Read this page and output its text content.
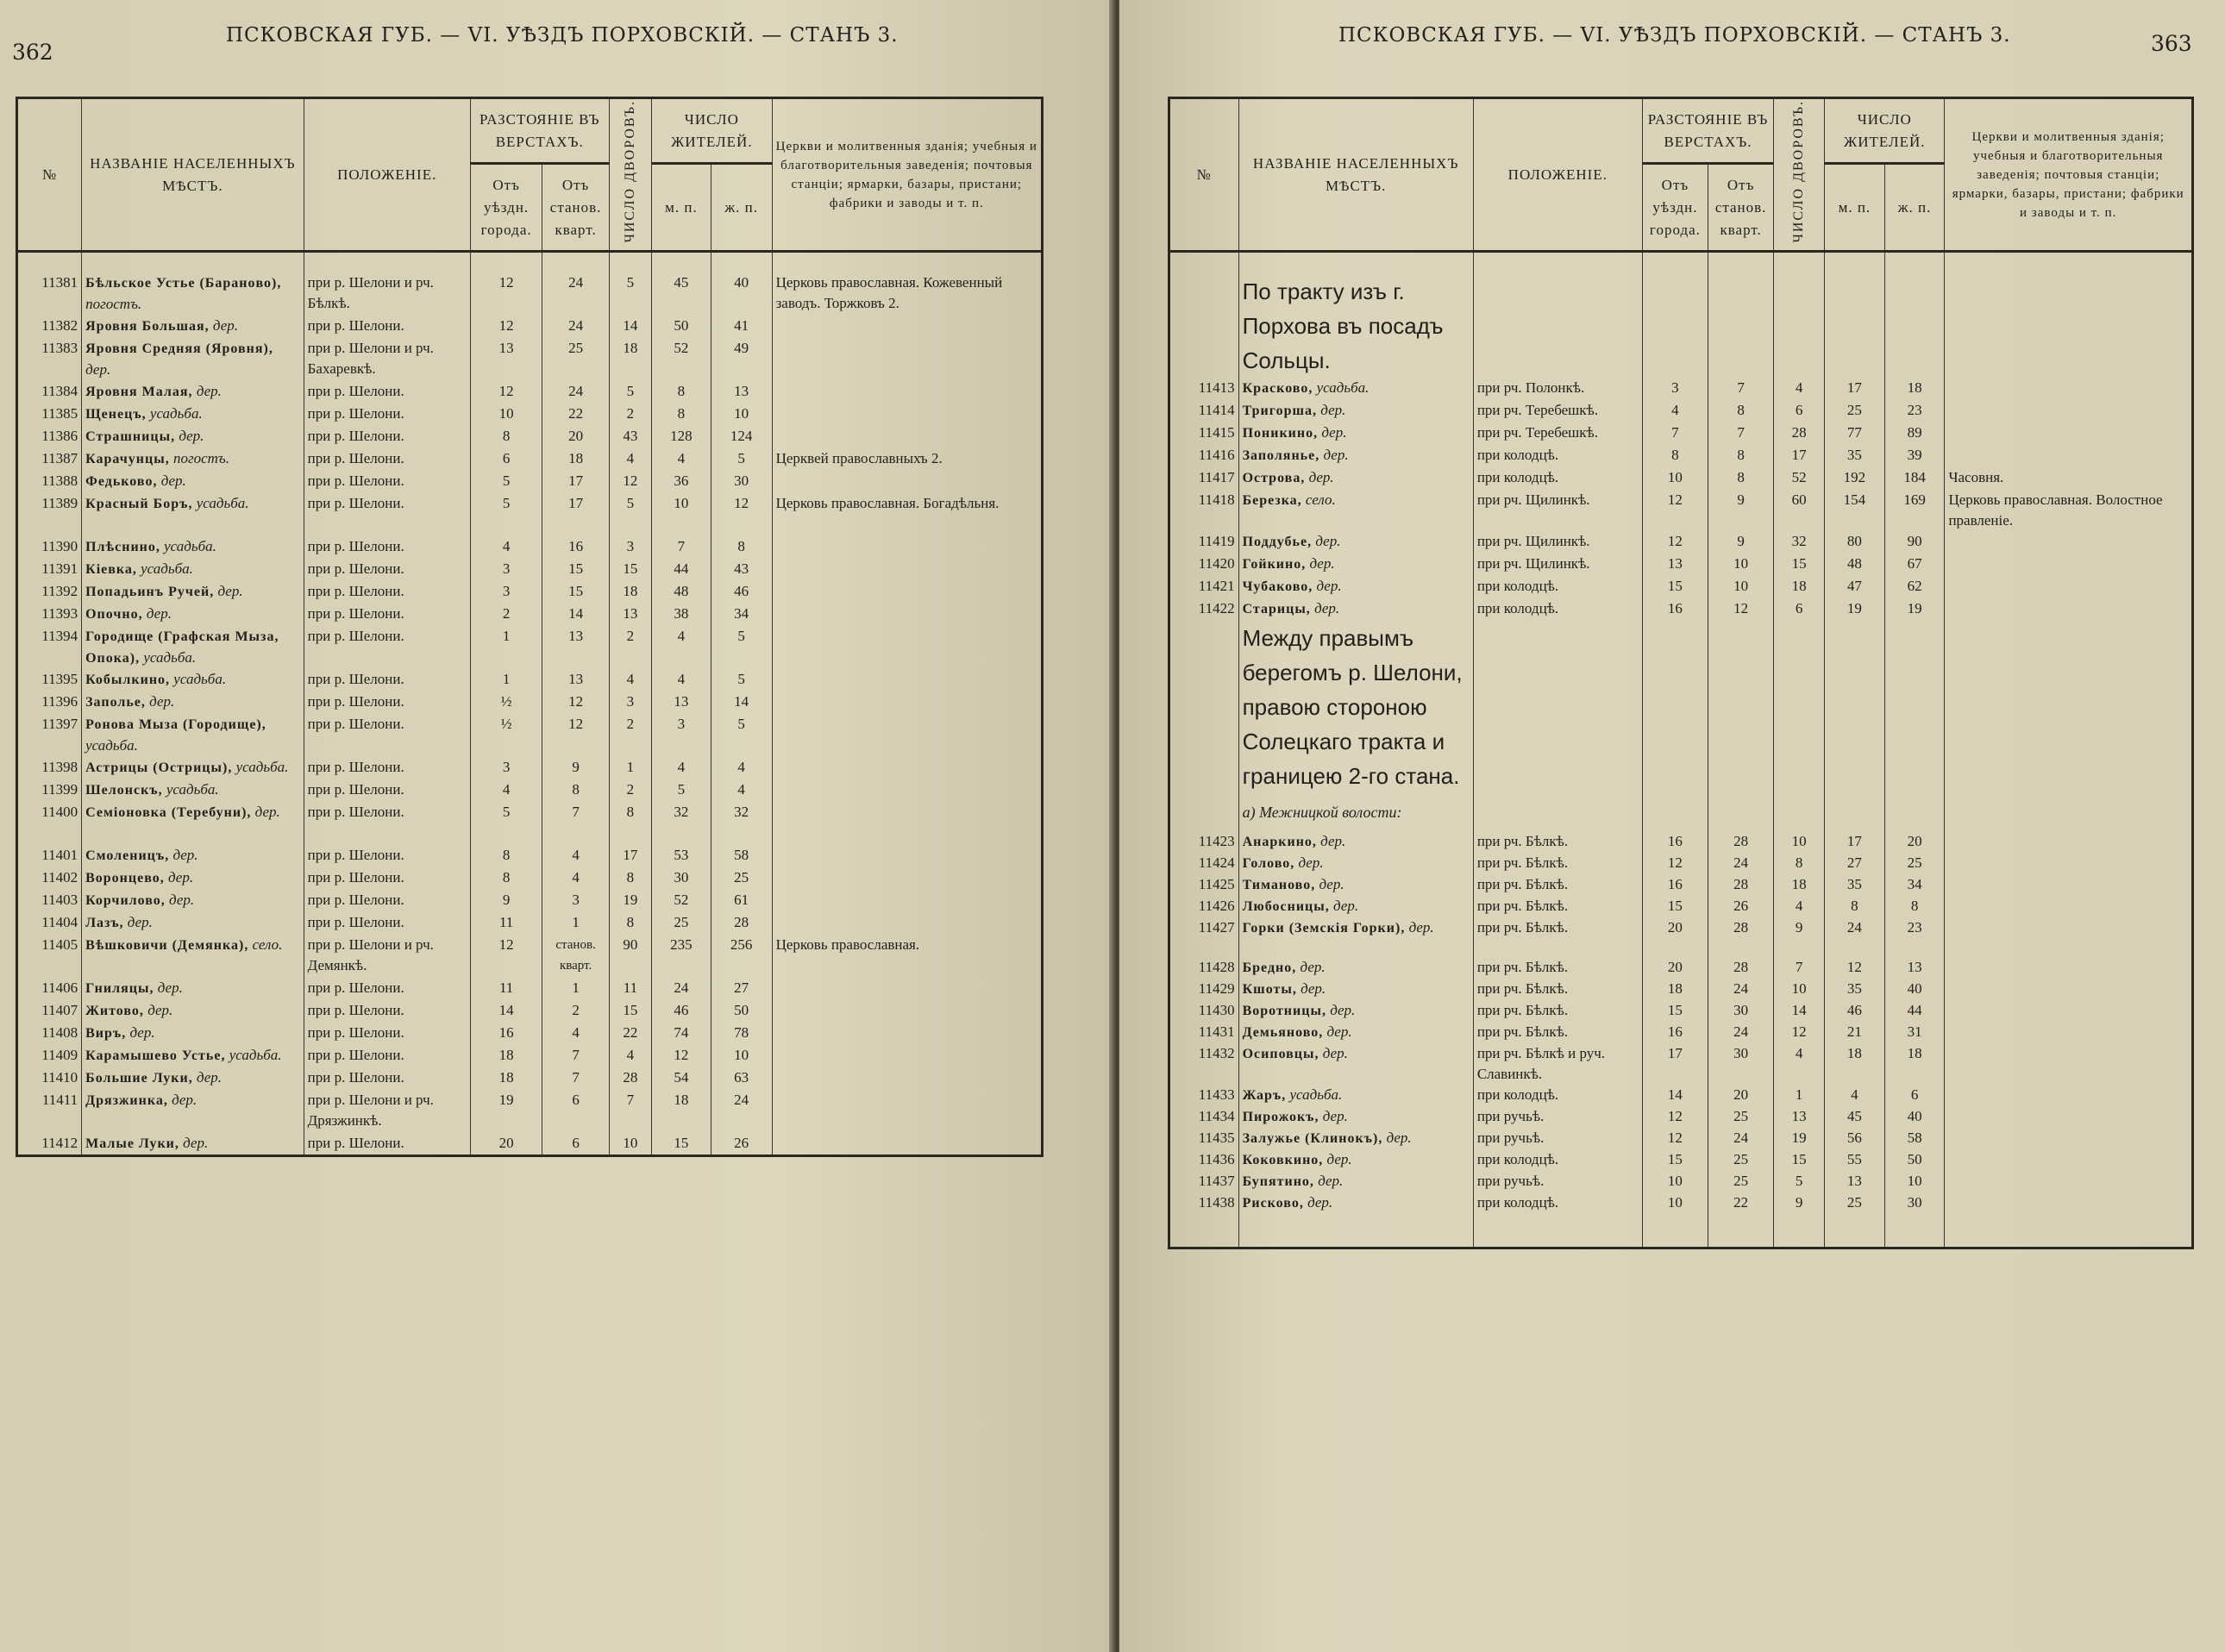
362
ПСКОВСКАЯ ГУБ. — VI. УѢЗДЪ ПОРХОВСКІЙ. — СТАНЪ 3.
№	НАЗВАНІЕ НАСЕЛЕННЫХЪ МѢСТЪ.	ПОЛОЖЕНІЕ.	РАЗСТОЯНІЕ ВЪ ВЕРСТАХЪ.		ЧИСЛО ДВОРОВЪ.	ЧИСЛО ЖИТЕЛЕЙ.		Церкви и молитвенныя зданія; учебныя и благотворительныя заведенія; почтовыя станціи; ярмарки, базары, пристани; фабрики и заводы и т. п.
			Отъ уѣздн. города.	Отъ станов. кварт.		м. п.	ж. п.	

11381	Бѣльское Устье (Баранoво), погостъ.	при р. Шелони и рч. Бѣлкѣ.	12	24	5	45	40	Церковь православная. Кожевенный заводъ. Торжковъ 2.
11382	Яровня Большая, дер.	при р. Шелони.	12	24	14	50	41	
11383	Яровня Средняя (Яровня), дер.	при р. Шелони и рч. Бахаревкѣ.	13	25	18	52	49	
11384	Яровня Малая, дер.	при р. Шелони.	12	24	5	8	13	
11385	Щенецъ, усадьба.	при р. Шелони.	10	22	2	8	10	
11386	Страшницы, дер.	при р. Шелони.	8	20	43	128	124	
11387	Карачунцы, погостъ.	при р. Шелони.	6	18	4	4	5	Церквей православныхъ 2.
11388	Федьково, дер.	при р. Шелони.	5	17	12	36	30	
11389	Красный Боръ, усадьба.	при р. Шелони.	5	17	5	10	12	Церковь православная. Богадѣльня.
11390	Плѣснино, усадьба.	при р. Шелони.	4	16	3	7	8	
11391	Кiевка, усадьба.	при р. Шелони.	3	15	15	44	43	
11392	Попадьинъ Ручей, дер.	при р. Шелони.	3	15	18	48	46	
11393	Опочно, дер.	при р. Шелони.	2	14	13	38	34	
11394	Городище (Графская Мыза, Опока), усадьба.	при р. Шелони.	1	13	2	4	5	
11395	Кобылкино, усадьба.	при р. Шелони.	1	13	4	4	5	
11396	Заполье, дер.	при р. Шелони.	½	12	3	13	14	
11397	Ронова Мыза (Городище), усадьба.	при р. Шелони.	½	12	2	3	5	
11398	Астрицы (Острицы), усадьба.	при р. Шелони.	3	9	1	4	4	
11399	Шелонскъ, усадьба.	при р. Шелони.	4	8	2	5	4	
11400	Семiоновка (Теребуни), дер.	при р. Шелони.	5	7	8	32	32	
11401	Смоленицъ, дер.	при р. Шелони.	8	4	17	53	58	
11402	Воронцево, дер.	при р. Шелони.	8	4	8	30	25	
11403	Корчилово, дер.	при р. Шелони.	9	3	19	52	61	
11404	Лазъ, дер.	при р. Шелони.	11	1	8	25	28	
11405	Вѣшковичи (Демянка), село.	при р. Шелони и рч. Демянкѣ.	12	станов. кварт.	90	235	256	Церковь православная.
11406	Гниляцы, дер.	при р. Шелони.	11	1	11	24	27	
11407	Житово, дер.	при р. Шелони.	14	2	15	46	50	
11408	Виръ, дер.	при р. Шелони.	16	4	22	74	78	
11409	Карамышево Устье, усадьба.	при р. Шелони.	18	7	4	12	10	
11410	Большие Луки, дер.	при р. Шелони.	18	7	28	54	63	
11411	Дрязжинка, дер.	при р. Шелони и рч. Дрязжинкѣ.	19	6	7	18	24	
11412	Малые Луки, дер.	при р. Шелони.	20	6	10	15	26	
ПСКОВСКАЯ ГУБ. — VI. УѢЗДЪ ПОРХОВСКІЙ. — СТАНЪ 3.	363
№	НАЗВАНІЕ НАСЕЛЕННЫХЪ МѢСТЪ.	ПОЛОЖЕНІЕ.	РАЗСТОЯНІЕ ВЪ ВЕРСТАХЪ.		ЧИСЛО ДВОРОВЪ.	ЧИСЛО ЖИТЕЛЕЙ.		Церкви и молитвенныя зданія; учебныя и благотворительныя заведенія; почтовыя станціи; ярмарки, базары, пристани; фабрики и заводы и т. п.
			Отъ уѣздн. города.	Отъ станов. кварт.		м. п.	ж. п.	

	По тракту изъ г. Порхова въ посадъ Сольцы.							
11413	Красково, усадьба.	при рч. Полонкѣ.	3	7	4	17	18	
11414	Тригорша, дер.	при рч. Теребешкѣ.	4	8	6	25	23	
11415	Поникино, дер.	при рч. Теребешкѣ.	7	7	28	77	89	
11416	Заполянье, дер.	при колодцѣ.	8	8	17	35	39	
11417	Острова, дер.	при колодцѣ.	10	8	52	192	184	Часовня.
11418	Березка, село.	при рч. Щилинкѣ.	12	9	60	154	169	Церковь православная. Волостное правленiе.
11419	Поддубье, дер.	при рч. Щилинкѣ.	12	9	32	80	90	
11420	Гойкино, дер.	при рч. Щилинкѣ.	13	10	15	48	67	
11421	Чубаково, дер.	при колодцѣ.	15	10	18	47	62	
11422	Старицы, дер.	при колодцѣ.	16	12	6	19	19	
	Между правымъ берегомъ р. Шелони, правою стороною Солецкаго тракта и границею 2-го стана.							
	а) Межницкой волости:							
11423	Анаркино, дер.	при рч. Бѣлкѣ.	16	28	10	17	20	
11424	Голово, дер.	при рч. Бѣлкѣ.	12	24	8	27	25	
11425	Тиманово, дер.	при рч. Бѣлкѣ.	16	28	18	35	34	
11426	Любосницы, дер.	при рч. Бѣлкѣ.	15	26	4	8	8	
11427	Горки (Земскiя Горки), дер.	при рч. Бѣлкѣ.	20	28	9	24	23	
11428	Бредно, дер.	при рч. Бѣлкѣ.	20	28	7	12	13	
11429	Кшоты, дер.	при рч. Бѣлкѣ.	18	24	10	35	40	
11430	Воротницы, дер.	при рч. Бѣлкѣ.	15	30	14	46	44	
11431	Демьяново, дер.	при рч. Бѣлкѣ.	16	24	12	21	31	
11432	Осиповцы, дер.	при рч. Бѣлкѣ и руч. Славинкѣ.	17	30	4	18	18	
11433	Жаръ, усадьба.	при колодцѣ.	14	20	1	4	6	
11434	Пирожокъ, дер.	при ручьѣ.	12	25	13	45	40	
11435	Залужье (Клинокъ), дер.	при ручьѣ.	12	24	19	56	58	
11436	Коковкино, дер.	при колодцѣ.	15	25	15	55	50	
11437	Бупятино, дер.	при ручьѣ.	10	25	5	13	10	
11438	Рисково, дер.	при колодцѣ.	10	22	9	25	30	
